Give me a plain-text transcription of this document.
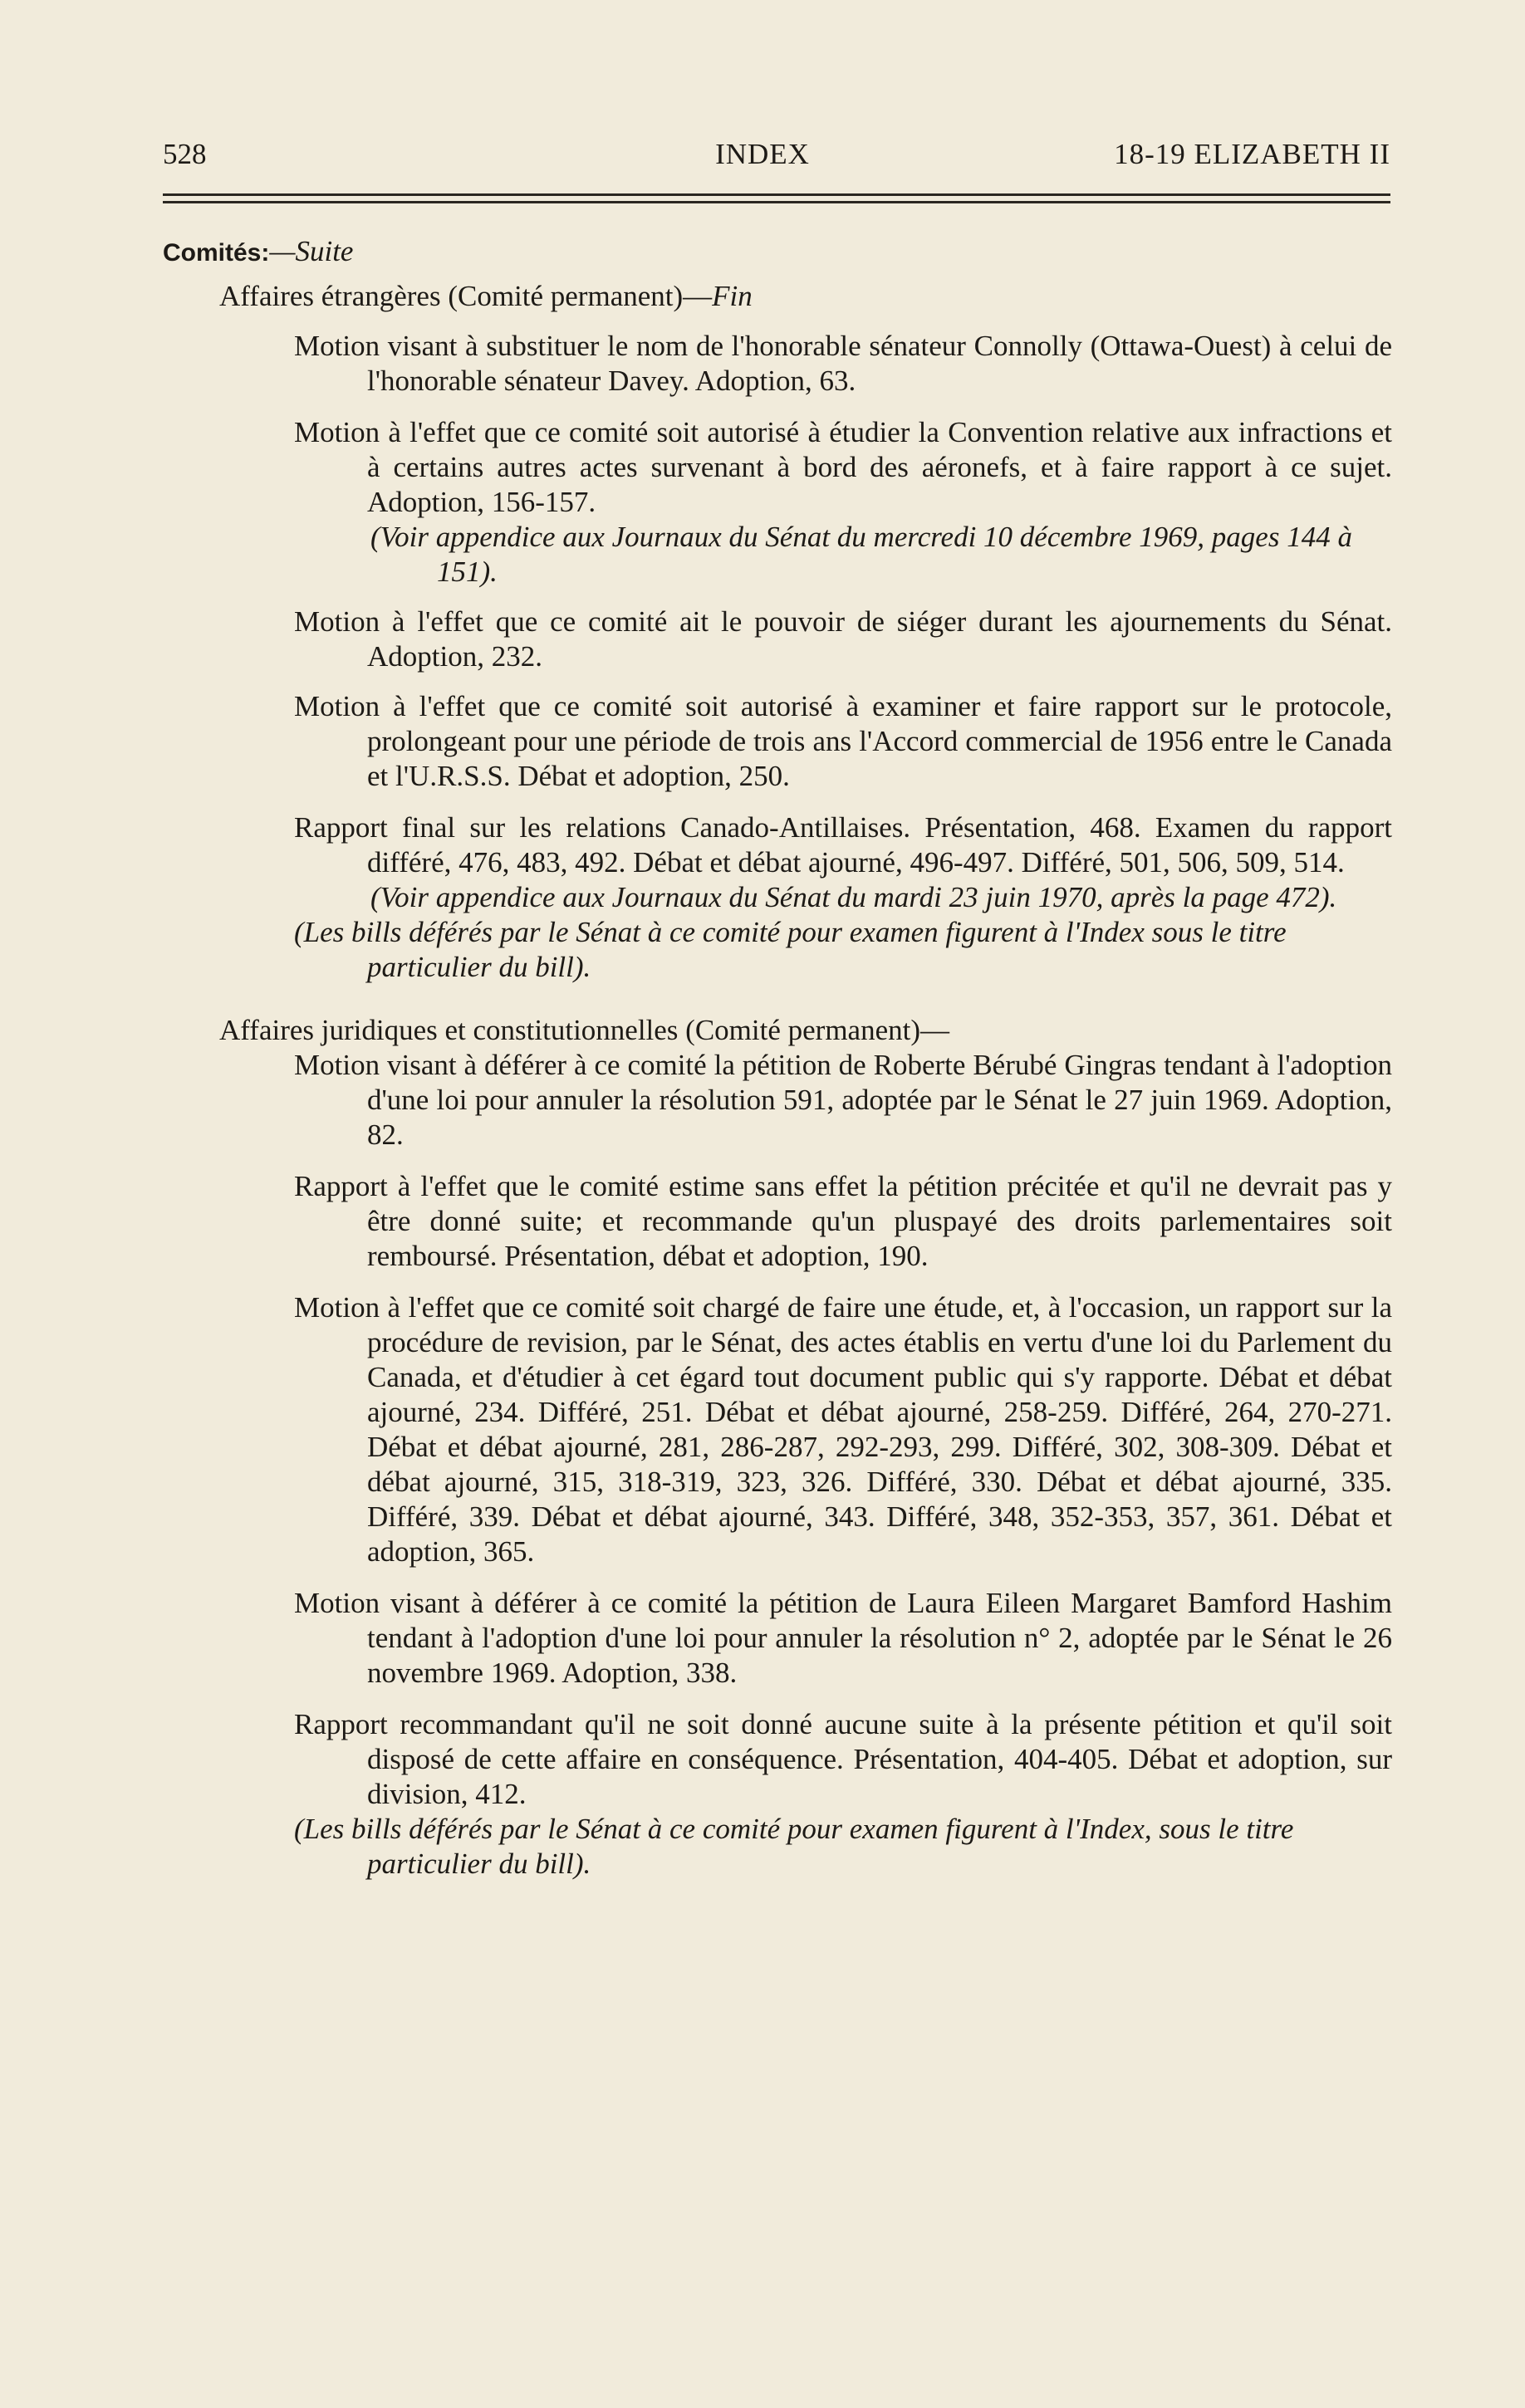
528	INDEX	18-19 ELIZABETH II

Comités:—Suite

Affaires étrangères (Comité permanent)—Fin

Motion visant à substituer le nom de l'honorable sénateur Connolly (Ottawa-Ouest) à celui de l'honorable sénateur Davey. Adoption, 63.

Motion à l'effet que ce comité soit autorisé à étudier la Convention relative aux infractions et à certains autres actes survenant à bord des aéronefs, et à faire rapport à ce sujet. Adoption, 156-157.

(Voir appendice aux Journaux du Sénat du mercredi 10 décembre 1969, pages 144 à 151).

Motion à l'effet que ce comité ait le pouvoir de siéger durant les ajournements du Sénat. Adoption, 232.

Motion à l'effet que ce comité soit autorisé à examiner et faire rapport sur le protocole, prolongeant pour une période de trois ans l'Accord commercial de 1956 entre le Canada et l'U.R.S.S. Débat et adoption, 250.

Rapport final sur les relations Canado-Antillaises. Présentation, 468. Examen du rapport différé, 476, 483, 492. Débat et débat ajourné, 496-497. Différé, 501, 506, 509, 514.

(Voir appendice aux Journaux du Sénat du mardi 23 juin 1970, après la page 472).

(Les bills déférés par le Sénat à ce comité pour examen figurent à l'Index sous le titre particulier du bill).

Affaires juridiques et constitutionnelles (Comité permanent)—

Motion visant à déférer à ce comité la pétition de Roberte Bérubé Gingras tendant à l'adoption d'une loi pour annuler la résolution 591, adoptée par le Sénat le 27 juin 1969. Adoption, 82.

Rapport à l'effet que le comité estime sans effet la pétition précitée et qu'il ne devrait pas y être donné suite; et recommande qu'un pluspayé des droits parlementaires soit remboursé. Présentation, débat et adoption, 190.

Motion à l'effet que ce comité soit chargé de faire une étude, et, à l'occasion, un rapport sur la procédure de revision, par le Sénat, des actes établis en vertu d'une loi du Parlement du Canada, et d'étudier à cet égard tout document public qui s'y rapporte. Débat et débat ajourné, 234. Différé, 251. Débat et débat ajourné, 258-259. Différé, 264, 270-271. Débat et débat ajourné, 281, 286-287, 292-293, 299. Différé, 302, 308-309. Débat et débat ajourné, 315, 318-319, 323, 326. Différé, 330. Débat et débat ajourné, 335. Différé, 339. Débat et débat ajourné, 343. Différé, 348, 352-353, 357, 361. Débat et adoption, 365.

Motion visant à déférer à ce comité la pétition de Laura Eileen Margaret Bamford Hashim tendant à l'adoption d'une loi pour annuler la résolution n° 2, adoptée par le Sénat le 26 novembre 1969. Adoption, 338.

Rapport recommandant qu'il ne soit donné aucune suite à la présente pétition et qu'il soit disposé de cette affaire en conséquence. Présentation, 404-405. Débat et adoption, sur division, 412.

(Les bills déférés par le Sénat à ce comité pour examen figurent à l'Index, sous le titre particulier du bill).
